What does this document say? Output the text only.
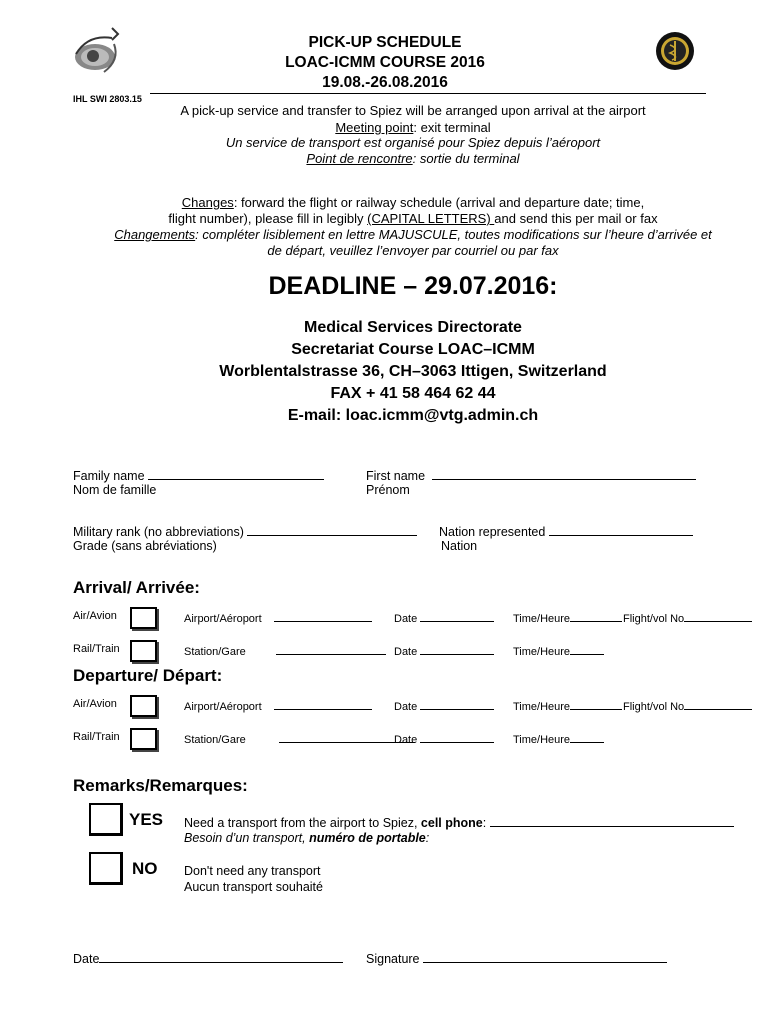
PICK-UP SCHEDULE
LOAC-ICMM COURSE 2016
19.08.-26.08.2016
IHL SWI 2803.15
A pick-up service and transfer to Spiez will be arranged upon arrival at the airport
Meeting point: exit terminal
Un service de transport est organisé pour Spiez depuis l’aéroport
Point de rencontre: sortie du terminal
Changes: forward the flight or railway schedule (arrival and departure date; time,
flight number), please fill in legibly (CAPITAL LETTERS) and send this per mail or fax
Changements: compléter lisiblement en lettre MAJUSCULE, toutes modifications sur l’heure d’arrivée et
de départ, veuillez l’envoyer par courriel ou par fax
DEADLINE – 29.07.2016:
Medical Services Directorate
Secretariat Course LOAC–ICMM
Worblentalstrasse 36, CH–3063 Ittigen, Switzerland
FAX + 41 58 464 62 44
E-mail: loac.icmm@vtg.admin.ch
Family name
Nom de famille
First name
Prénom
Military rank (no abbreviations)
Grade (sans abréviations)
Nation represented
Nation
Arrival/ Arrivée:
Air/Avion	Airport/Aéroport	Date	Time/Heure	Flight/vol No
Rail/Train	Station/Gare	Date	Time/Heure
Departure/ Départ:
Air/Avion	Airport/Aéroport	Date	Time/Heure	Flight/vol No
Rail/Train	Station/Gare	Date	Time/Heure
Remarks/Remarques:
YES Need a transport from the airport to Spiez, cell phone:
Besoin d’un transport, numéro de portable:
NO Don't need any transport
Aucun transport souhaité
Date	Signature
